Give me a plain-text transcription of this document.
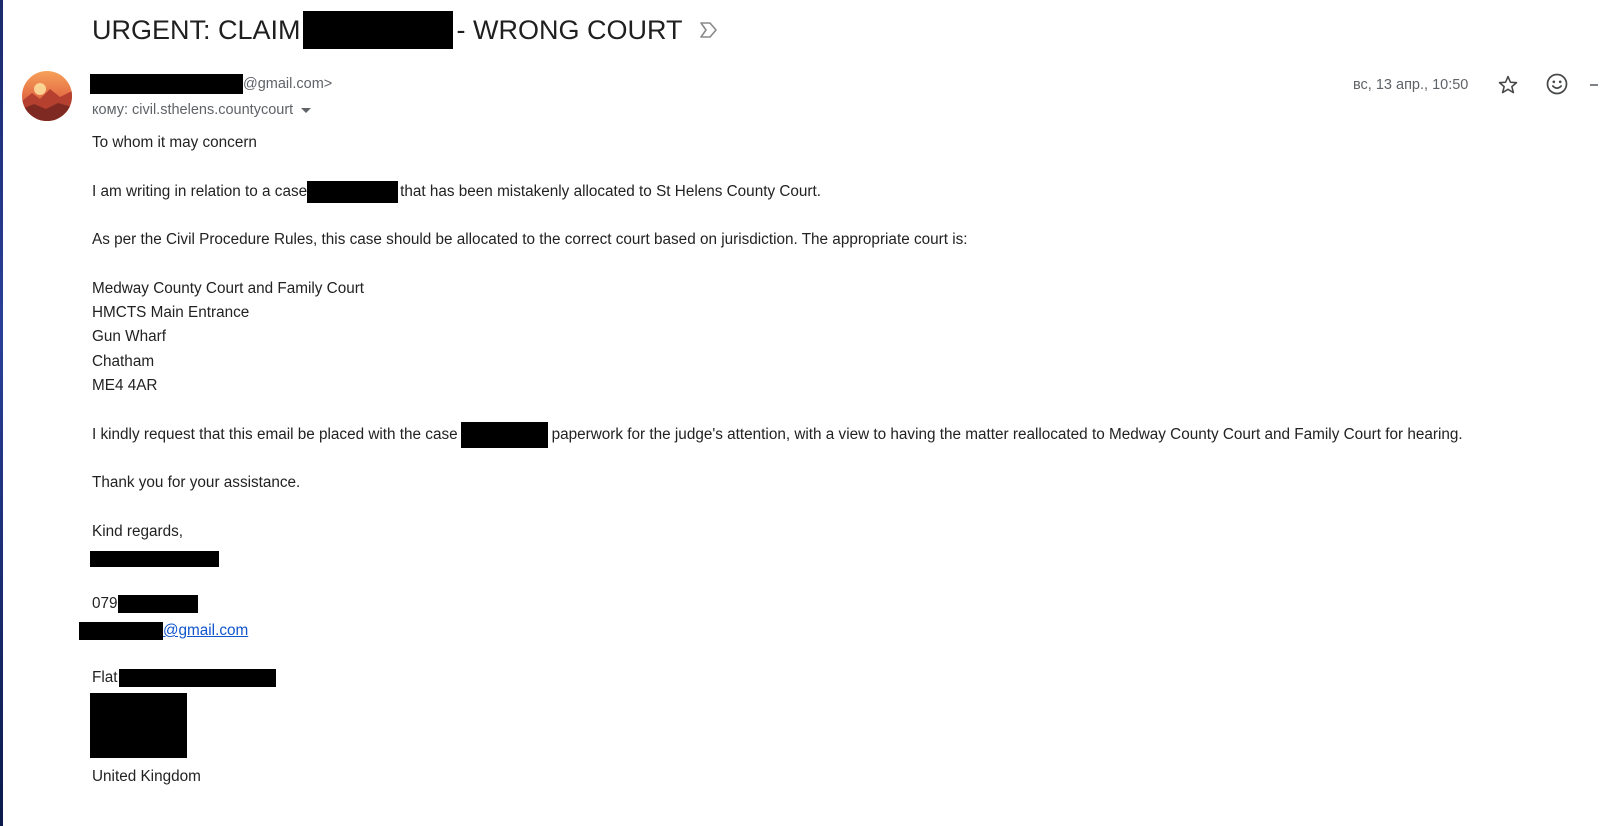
URGENT: CLAIM	- WRONG COURT
@gmail.com>
кому: civil.sthelens.countycourt
вс, 13 апр., 10:50
To whom it may concern
I am writing in relation to a case	that has been mistakenly allocated to St Helens County Court.
As per the Civil Procedure Rules, this case should be allocated to the correct court based on jurisdiction. The appropriate court is:
Medway County Court and Family Court
HMCTS Main Entrance
Gun Wharf
Chatham
ME4 4AR
I kindly request that this email be placed with the case	paperwork for the judge's attention, with a view to having the matter reallocated to Medway County Court and Family Court for hearing.
Thank you for your assistance.
Kind regards,
079
@gmail.com
Flat
United Kingdom
